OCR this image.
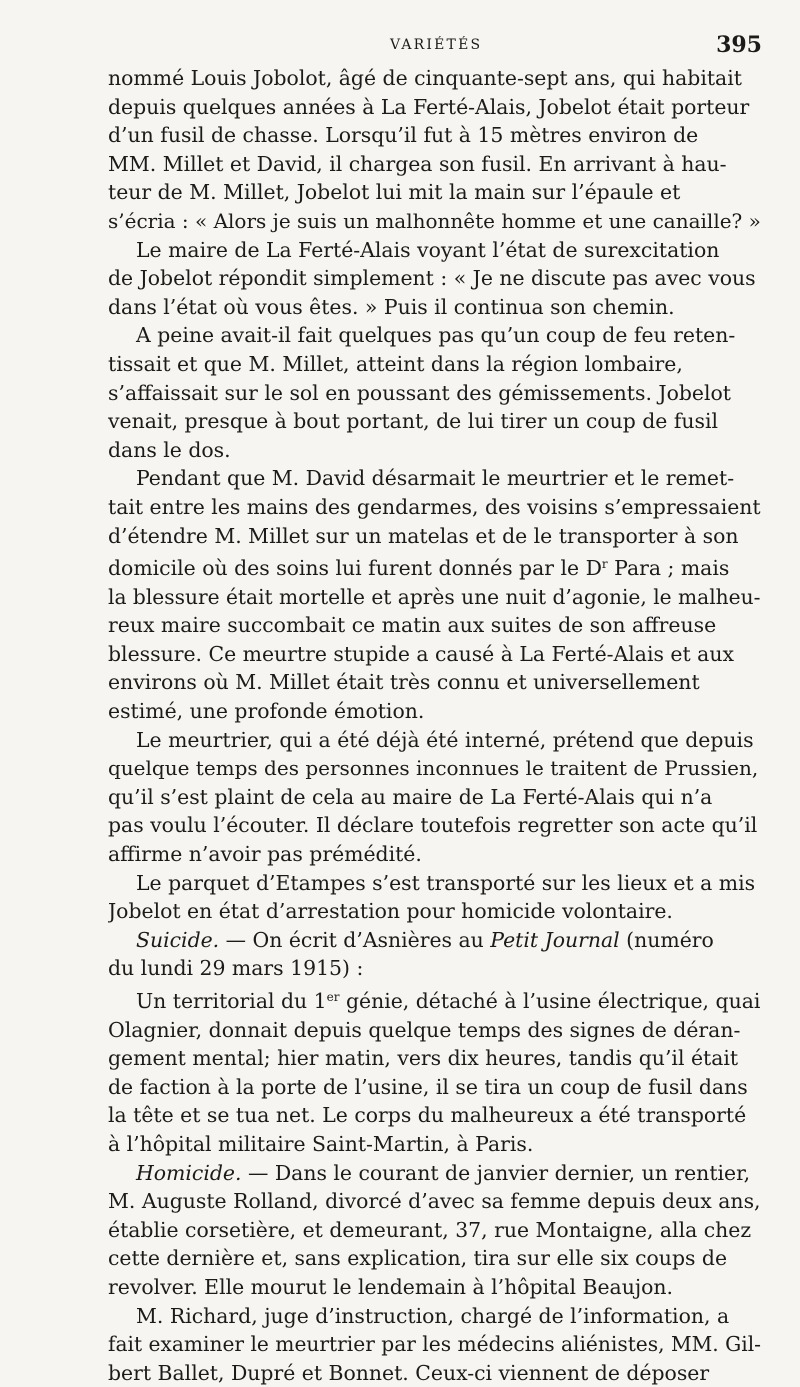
VARIÉTÉS	395
nommé Louis Jobolot, âgé de cinquante-sept ans, qui habitait
depuis quelques années à La Ferté-Alais, Jobelot était porteur
d’un fusil de chasse. Lorsqu’il fut à 15 mètres environ de
MM. Millet et David, il chargea son fusil. En arrivant à hau-
teur de M. Millet, Jobelot lui mit la main sur l’épaule et
s’écria : « Alors je suis un malhonnête homme et une canaille? »
Le maire de La Ferté-Alais voyant l’état de surexcitation
de Jobelot répondit simplement : « Je ne discute pas avec vous
dans l’état où vous êtes. » Puis il continua son chemin.
A peine avait-il fait quelques pas qu’un coup de feu reten-
tissait et que M. Millet, atteint dans la région lombaire,
s’affaissait sur le sol en poussant des gémissements. Jobelot
venait, presque à bout portant, de lui tirer un coup de fusil
dans le dos.
Pendant que M. David désarmait le meurtrier et le remet-
tait entre les mains des gendarmes, des voisins s’empressaient
d’étendre M. Millet sur un matelas et de le transporter à son
domicile où des soins lui furent donnés par le $D^r$ Para ; mais
la blessure était mortelle et après une nuit d’agonie, le malheu-
reux maire succombait ce matin aux suites de son affreuse
blessure. Ce meurtre stupide a causé à La Ferté-Alais et aux
environs où M. Millet était très connu et universellement
estimé, une profonde émotion.
Le meurtrier, qui a été déjà été interné, prétend que depuis
quelque temps des personnes inconnues le traitent de Prussien,
qu’il s’est plaint de cela au maire de La Ferté-Alais qui n’a
pas voulu l’écouter. Il déclare toutefois regretter son acte qu’il
affirme n’avoir pas prémédité.
Le parquet d’Etampes s’est transporté sur les lieux et a mis
Jobelot en état d’arrestation pour homicide volontaire.
Suicide. — On écrit d’Asnières au Petit Journal (numéro
du lundi 29 mars 1915) :
Un territorial du 1er génie, détaché à l’usine électrique, quai
Olagnier, donnait depuis quelque temps des signes de déran-
gement mental; hier matin, vers dix heures, tandis qu’il était
de faction à la porte de l’usine, il se tira un coup de fusil dans
la tête et se tua net. Le corps du malheureux a été transporté
à l’hôpital militaire Saint-Martin, à Paris.
Homicide. — Dans le courant de janvier dernier, un rentier,
M. Auguste Rolland, divorcé d’avec sa femme depuis deux ans,
établie corsetière, et demeurant, 37, rue Montaigne, alla chez
cette dernière et, sans explication, tira sur elle six coups de
revolver. Elle mourut le lendemain à l’hôpital Beaujon.
M. Richard, juge d’instruction, chargé de l’information, a
fait examiner le meurtrier par les médecins aliénistes, MM. Gil-
bert Ballet, Dupré et Bonnet. Ceux-ci viennent de déposer
